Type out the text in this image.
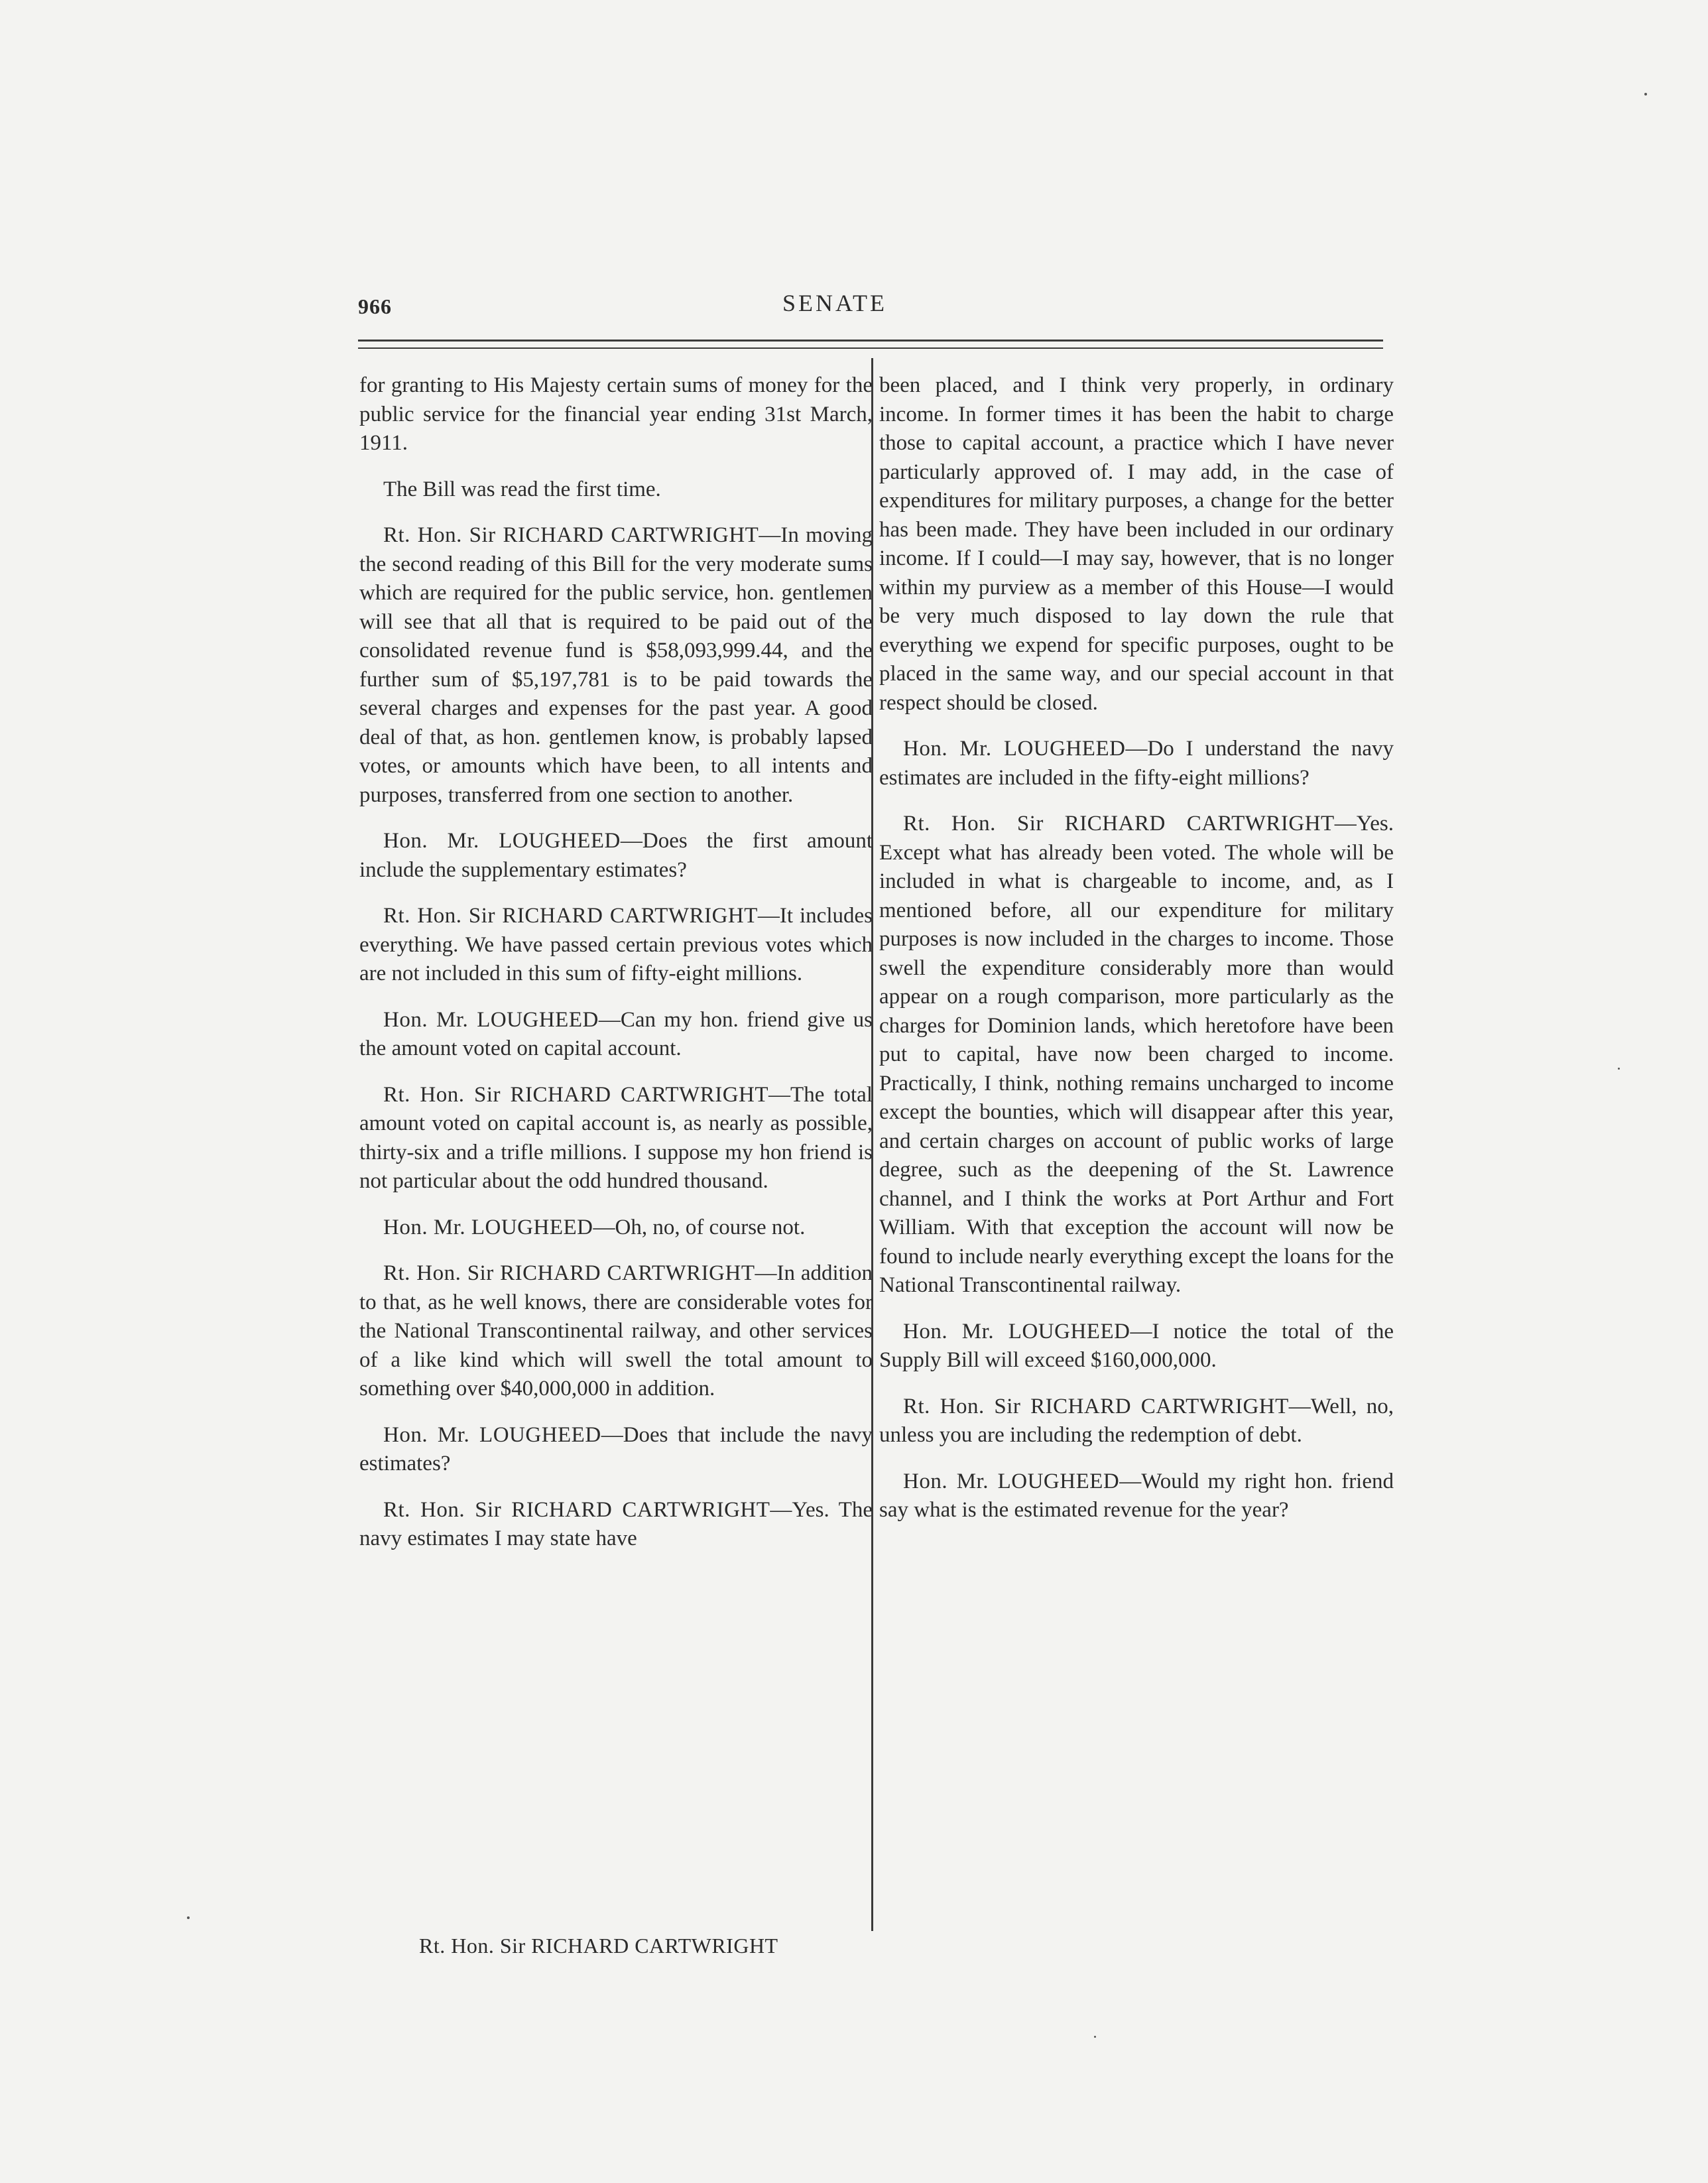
966	SENATE

for granting to His Majesty certain sums of money for the public service for the financial year ending 31st March, 1911.

The Bill was read the first time.

Rt. Hon. Sir RICHARD CARTWRIGHT—In moving the second reading of this Bill for the very moderate sums which are required for the public service, hon. gentlemen will see that all that is required to be paid out of the consolidated revenue fund is $58,093,999.44, and the further sum of $5,197,781 is to be paid towards the several charges and expenses for the past year. A good deal of that, as hon. gentlemen know, is probably lapsed votes, or amounts which have been, to all intents and purposes, transferred from one section to another.

Hon. Mr. LOUGHEED—Does the first amount include the supplementary estimates?

Rt. Hon. Sir RICHARD CARTWRIGHT—It includes everything. We have passed certain previous votes which are not included in this sum of fifty-eight millions.

Hon. Mr. LOUGHEED—Can my hon. friend give us the amount voted on capital account.

Rt. Hon. Sir RICHARD CARTWRIGHT—The total amount voted on capital account is, as nearly as possible, thirty-six and a trifle millions. I suppose my hon friend is not particular about the odd hundred thousand.

Hon. Mr. LOUGHEED—Oh, no, of course not.

Rt. Hon. Sir RICHARD CARTWRIGHT—In addition to that, as he well knows, there are considerable votes for the National Transcontinental railway, and other services of a like kind which will swell the total amount to something over $40,000,000 in addition.

Hon. Mr. LOUGHEED—Does that include the navy estimates?

Rt. Hon. Sir RICHARD CARTWRIGHT—Yes. The navy estimates I may state have

been placed, and I think very properly, in ordinary income. In former times it has been the habit to charge those to capital account, a practice which I have never particularly approved of. I may add, in the case of expenditures for military purposes, a change for the better has been made. They have been included in our ordinary income. If I could—I may say, however, that is no longer within my purview as a member of this House—I would be very much disposed to lay down the rule that everything we expend for specific purposes, ought to be placed in the same way, and our special account in that respect should be closed.

Hon. Mr. LOUGHEED—Do I understand the navy estimates are included in the fifty-eight millions?

Rt. Hon. Sir RICHARD CARTWRIGHT—Yes. Except what has already been voted. The whole will be included in what is chargeable to income, and, as I mentioned before, all our expenditure for military purposes is now included in the charges to income. Those swell the expenditure considerably more than would appear on a rough comparison, more particularly as the charges for Dominion lands, which heretofore have been put to capital, have now been charged to income. Practically, I think, nothing remains uncharged to income except the bounties, which will disappear after this year, and certain charges on account of public works of large degree, such as the deepening of the St. Lawrence channel, and I think the works at Port Arthur and Fort William. With that exception the account will now be found to include nearly everything except the loans for the National Transcontinental railway.

Hon. Mr. LOUGHEED—I notice the total of the Supply Bill will exceed $160,000,000.

Rt. Hon. Sir RICHARD CARTWRIGHT—Well, no, unless you are including the redemption of debt.

Hon. Mr. LOUGHEED—Would my right hon. friend say what is the estimated revenue for the year?

Rt. Hon. Sir RICHARD CARTWRIGHT
